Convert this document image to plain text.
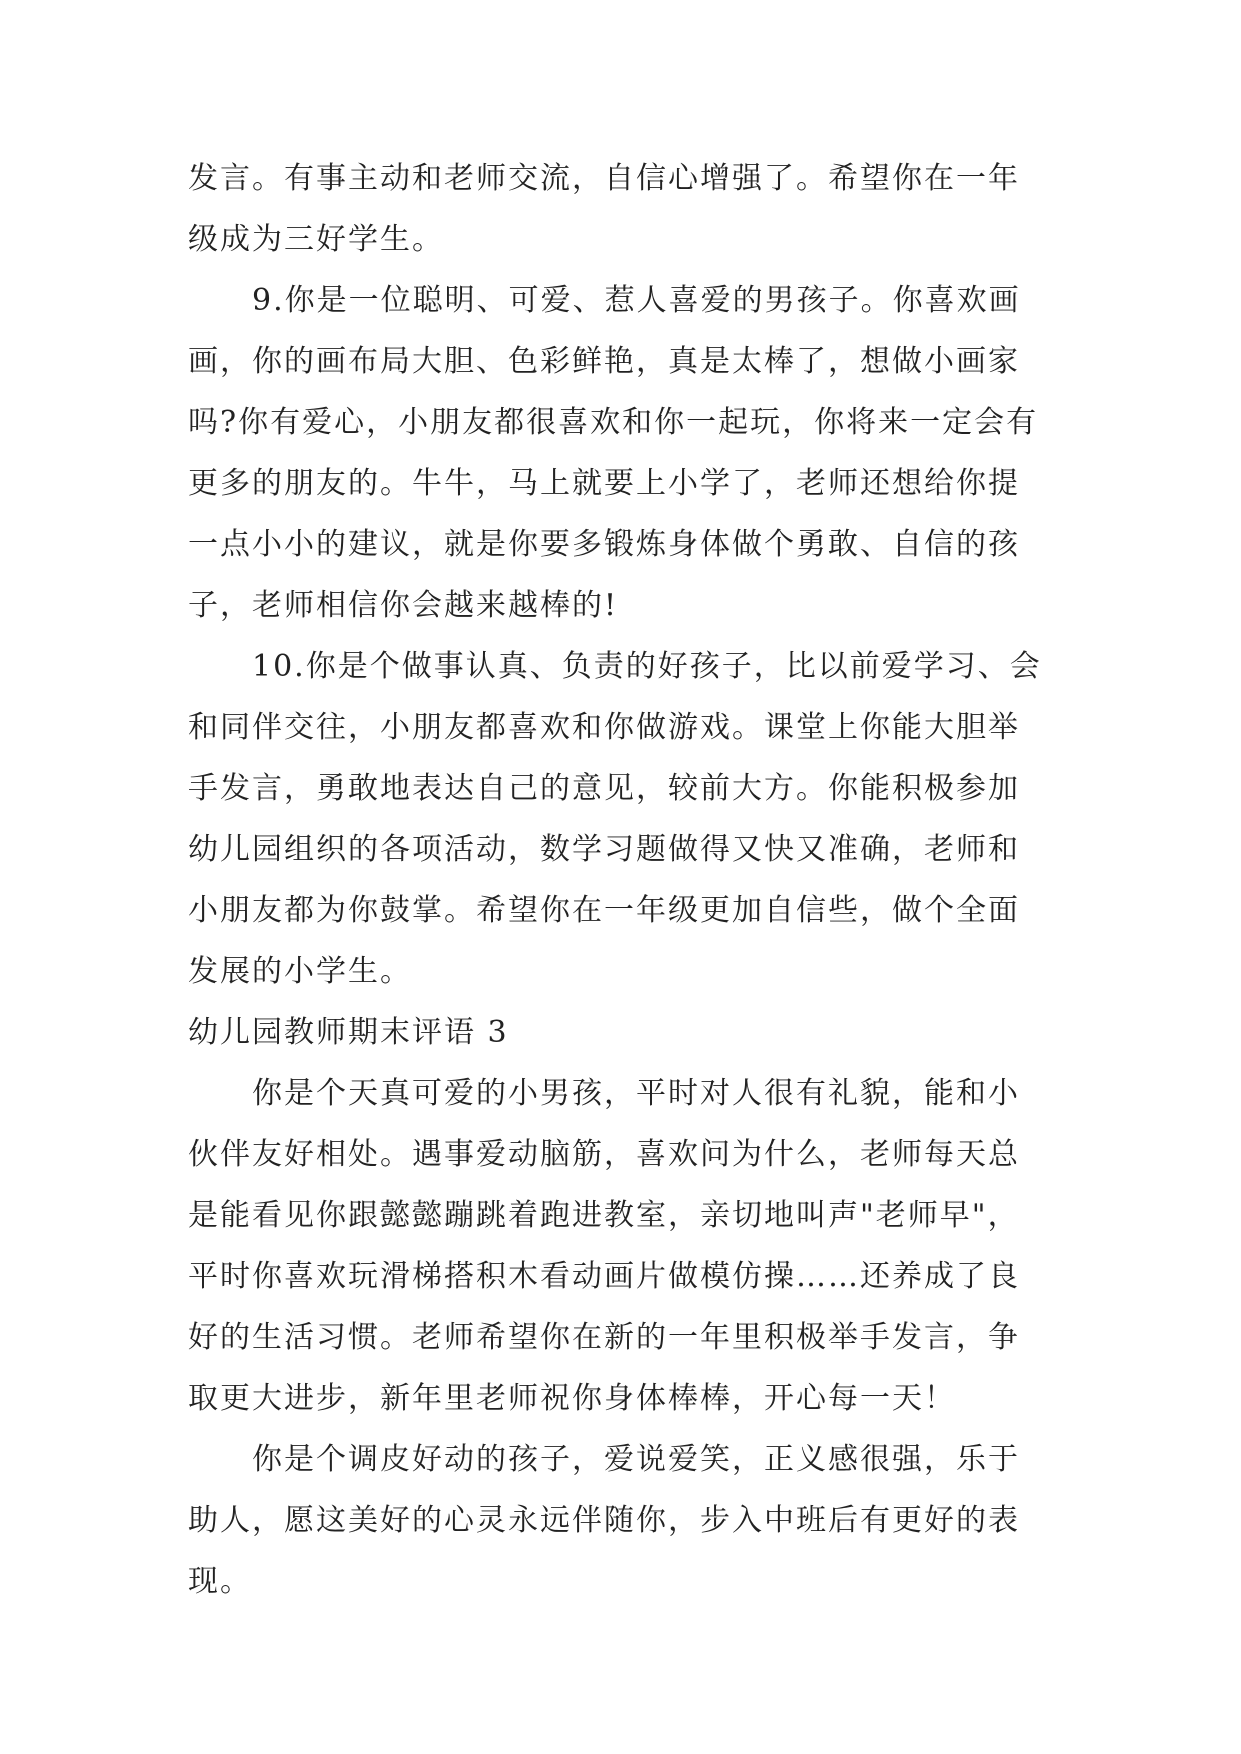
发言。有事主动和老师交流，自信心增强了。希望你在一年级成为三好学生。

9.你是一位聪明、可爱、惹人喜爱的男孩子。你喜欢画画，你的画布局大胆、色彩鲜艳，真是太棒了，想做小画家吗?你有爱心，小朋友都很喜欢和你一起玩，你将来一定会有更多的朋友的。牛牛，马上就要上小学了，老师还想给你提一点小小的建议，就是你要多锻炼身体做个勇敢、自信的孩子，老师相信你会越来越棒的!

10.你是个做事认真、负责的好孩子，比以前爱学习、会和同伴交往，小朋友都喜欢和你做游戏。课堂上你能大胆举手发言，勇敢地表达自己的意见，较前大方。你能积极参加幼儿园组织的各项活动，数学习题做得又快又准确，老师和小朋友都为你鼓掌。希望你在一年级更加自信些，做个全面发展的小学生。

幼儿园教师期末评语 3

你是个天真可爱的小男孩，平时对人很有礼貌，能和小伙伴友好相处。遇事爱动脑筋，喜欢问为什么，老师每天总是能看见你跟懿懿蹦跳着跑进教室，亲切地叫声"老师早"，平时你喜欢玩滑梯搭积木看动画片做模仿操……还养成了良好的生活习惯。老师希望你在新的一年里积极举手发言，争取更大进步，新年里老师祝你身体棒棒，开心每一天！

你是个调皮好动的孩子，爱说爱笑，正义感很强，乐于助人，愿这美好的心灵永远伴随你，步入中班后有更好的表现。
